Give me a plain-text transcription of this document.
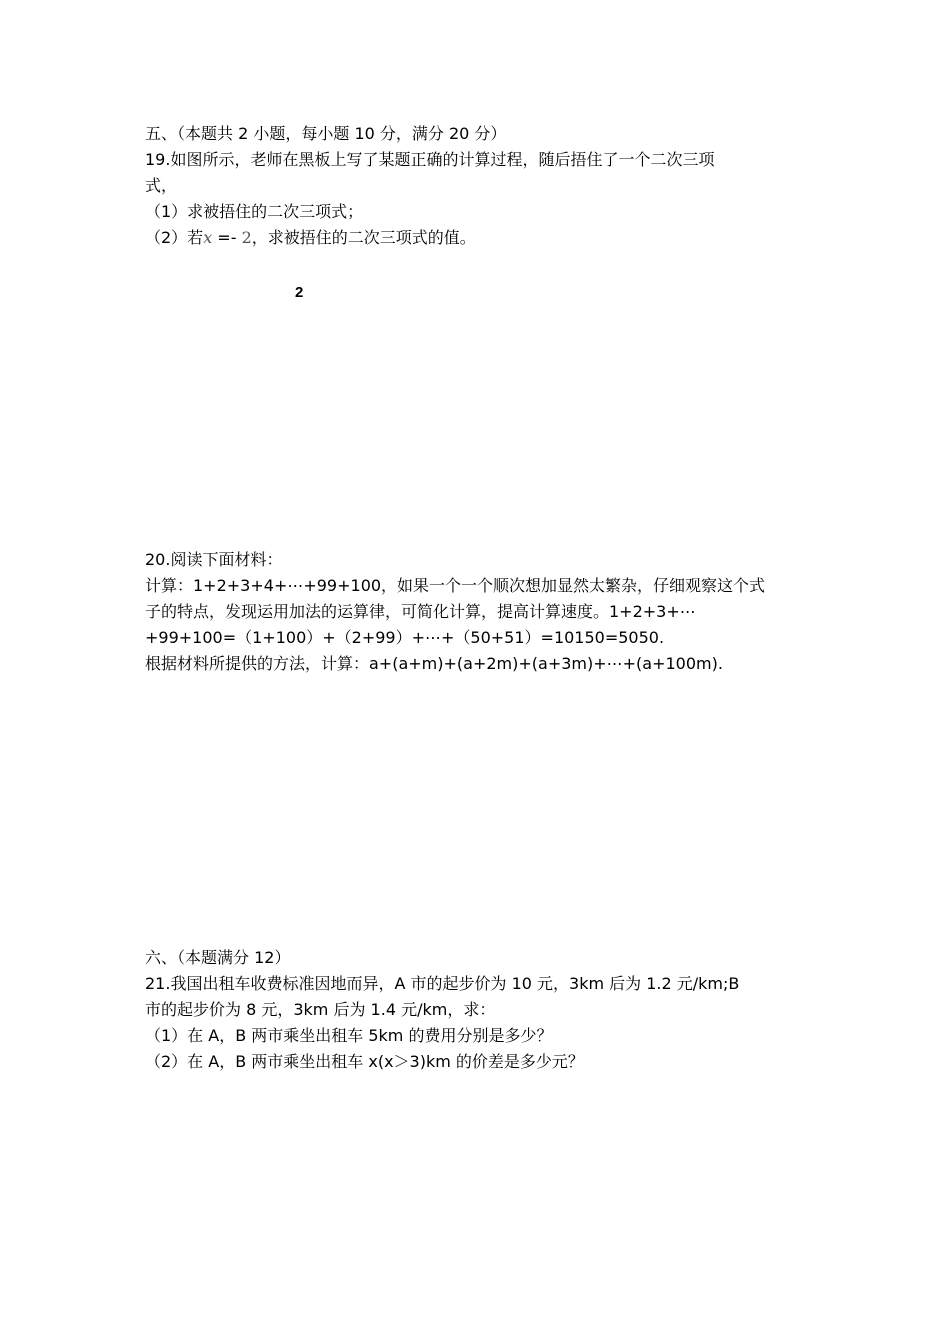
五、（本题共 2 小题，每小题 10 分，满分 20 分）
19.如图所示，老师在黑板上写了某题正确的计算过程，随后捂住了一个二次三项
式，
（1）求被捂住的二次三项式；
（2）若x =- 2，求被捂住的二次三项式的值。
2
20.阅读下面材料：
计算：1+2+3+4+⋯+99+100，如果一个一个顺次想加显然太繁杂，仔细观察这个式
子的特点，发现运用加法的运算律，可简化计算，提高计算速度。1+2+3+⋯
+99+100=（1+100）+（2+99）+⋯+（50+51）=10150=5050.
根据材料所提供的方法，计算：a+(a+m)+(a+2m)+(a+3m)+⋯+(a+100m).
六、（本题满分 12）
21.我国出租车收费标准因地而异，A 市的起步价为 10 元，3km 后为 1.2 元/km;B
市的起步价为 8 元，3km 后为 1.4 元/km，求：
（1）在 A，B 两市乘坐出租车 5km 的费用分别是多少？
（2）在 A，B 两市乘坐出租车 x(x＞3)km 的价差是多少元？
